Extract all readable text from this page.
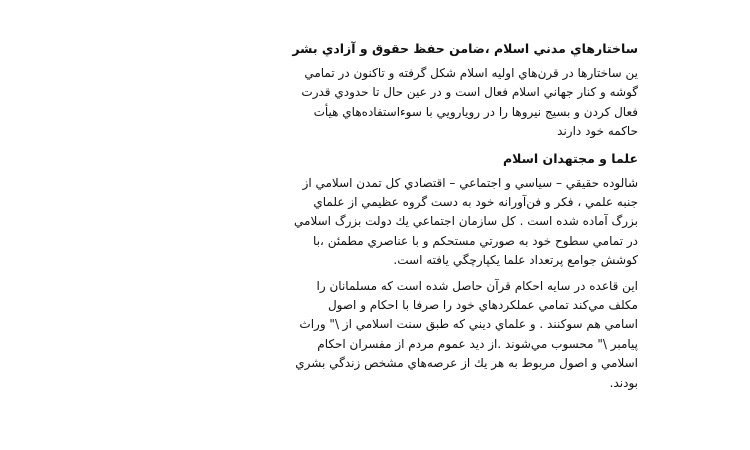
ساختارهاي مدني اسلام ،ضامن حفظ حقوق و آزادي بشر
ين ساختارها در قرن‌هاي اوليه اسلام شكل گرفته و تاكنون در تمامي
گوشه و كنار جهاني اسلام فعال است و در عين حال تا حدودي قدرت
فعال كردن و بسيج نيروها را در رويارويي با سوءاستفاده‌هاي هيأت
حاكمه خود دارند
علما و مجتهدان اسلام
شالوده حقيقي – سياسي و اجتماعي – اقتصادي كل تمدن اسلامي از
جنبه علمي ، فكر و فن‌آورانه خود به دست گروه عظيمي از علماي
بزرگ آماده شده است . كل سازمان اجتماعي يك دولت بزرگ اسلامي
در تمامي سطوح خود به صورتي مستحكم و با عناصري مطمئن ،با
كوشش جوامع پرتعداد علما يكپارچگي يافته است.
اين قاعده در سايه احكام قرآن حاصل شده است كه مسلمانان را
مكلف مي‌كند تمامي عملكردهاي خود را صرفا با احكام و اصول
اسامي هم سوكنند . و علماي ديني كه طبق سنت اسلامي از \" وراث
پيامبر \" محسوب مي‌شوند .از ديد عموم مردم از مفسران احكام
اسلامي و اصول مربوط به هر يك از عرصه‌هاي مشخص زندگي بشري
بودند.
